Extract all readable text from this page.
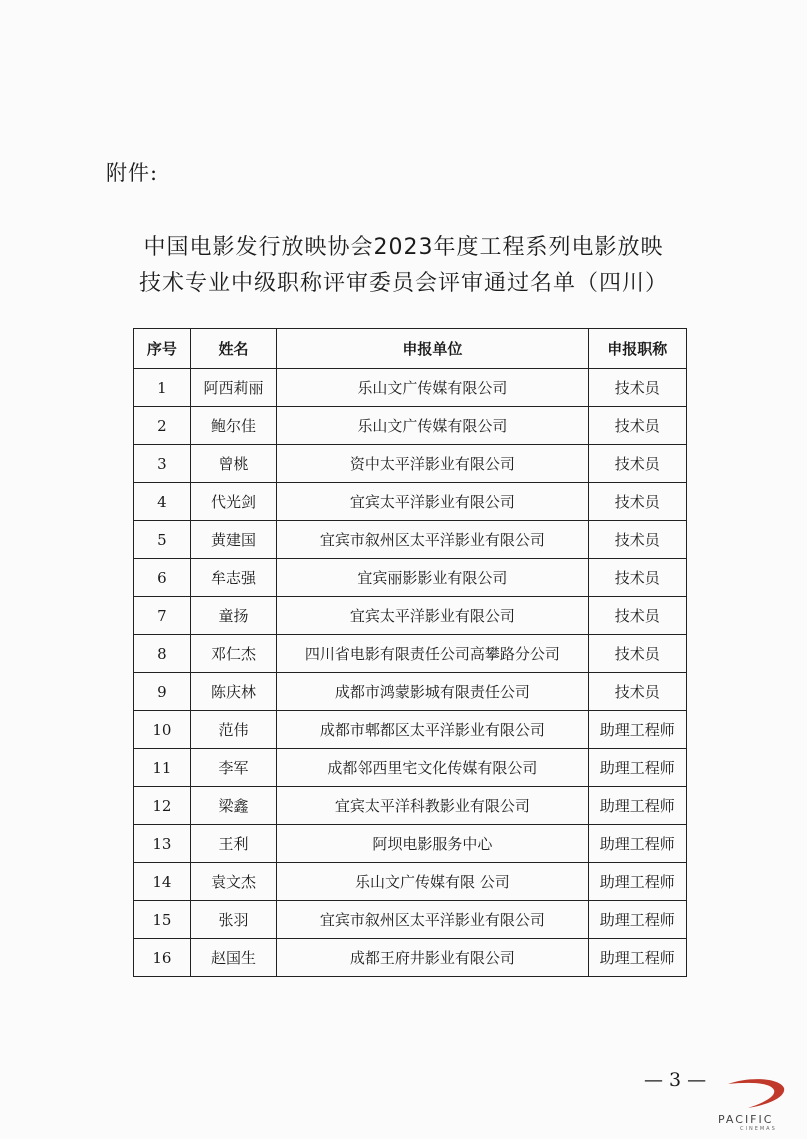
附件:
中国电影发行放映协会2023年度工程系列电影放映
技术专业中级职称评审委员会评审通过名单（四川）
序号	姓名	申报单位	申报职称
1	阿西莉丽	乐山文广传媒有限公司	技术员
2	鲍尔佳	乐山文广传媒有限公司	技术员
3	曾桃	资中太平洋影业有限公司	技术员
4	代光剑	宜宾太平洋影业有限公司	技术员
5	黄建国	宜宾市叙州区太平洋影业有限公司	技术员
6	牟志强	宜宾丽影影业有限公司	技术员
7	童扬	宜宾太平洋影业有限公司	技术员
8	邓仁杰	四川省电影有限责任公司高攀路分公司	技术员
9	陈庆林	成都市鸿蒙影城有限责任公司	技术员
10	范伟	成都市郫都区太平洋影业有限公司	助理工程师
11	李军	成都邻西里宅文化传媒有限公司	助理工程师
12	梁鑫	宜宾太平洋科教影业有限公司	助理工程师
13	王利	阿坝电影服务中心	助理工程师
14	袁文杰	乐山文广传媒有限 公司	助理工程师
15	张羽	宜宾市叙州区太平洋影业有限公司	助理工程师
16	赵国生	成都王府井影业有限公司	助理工程师
— 3 —
PACIFIC
CINEMAS
